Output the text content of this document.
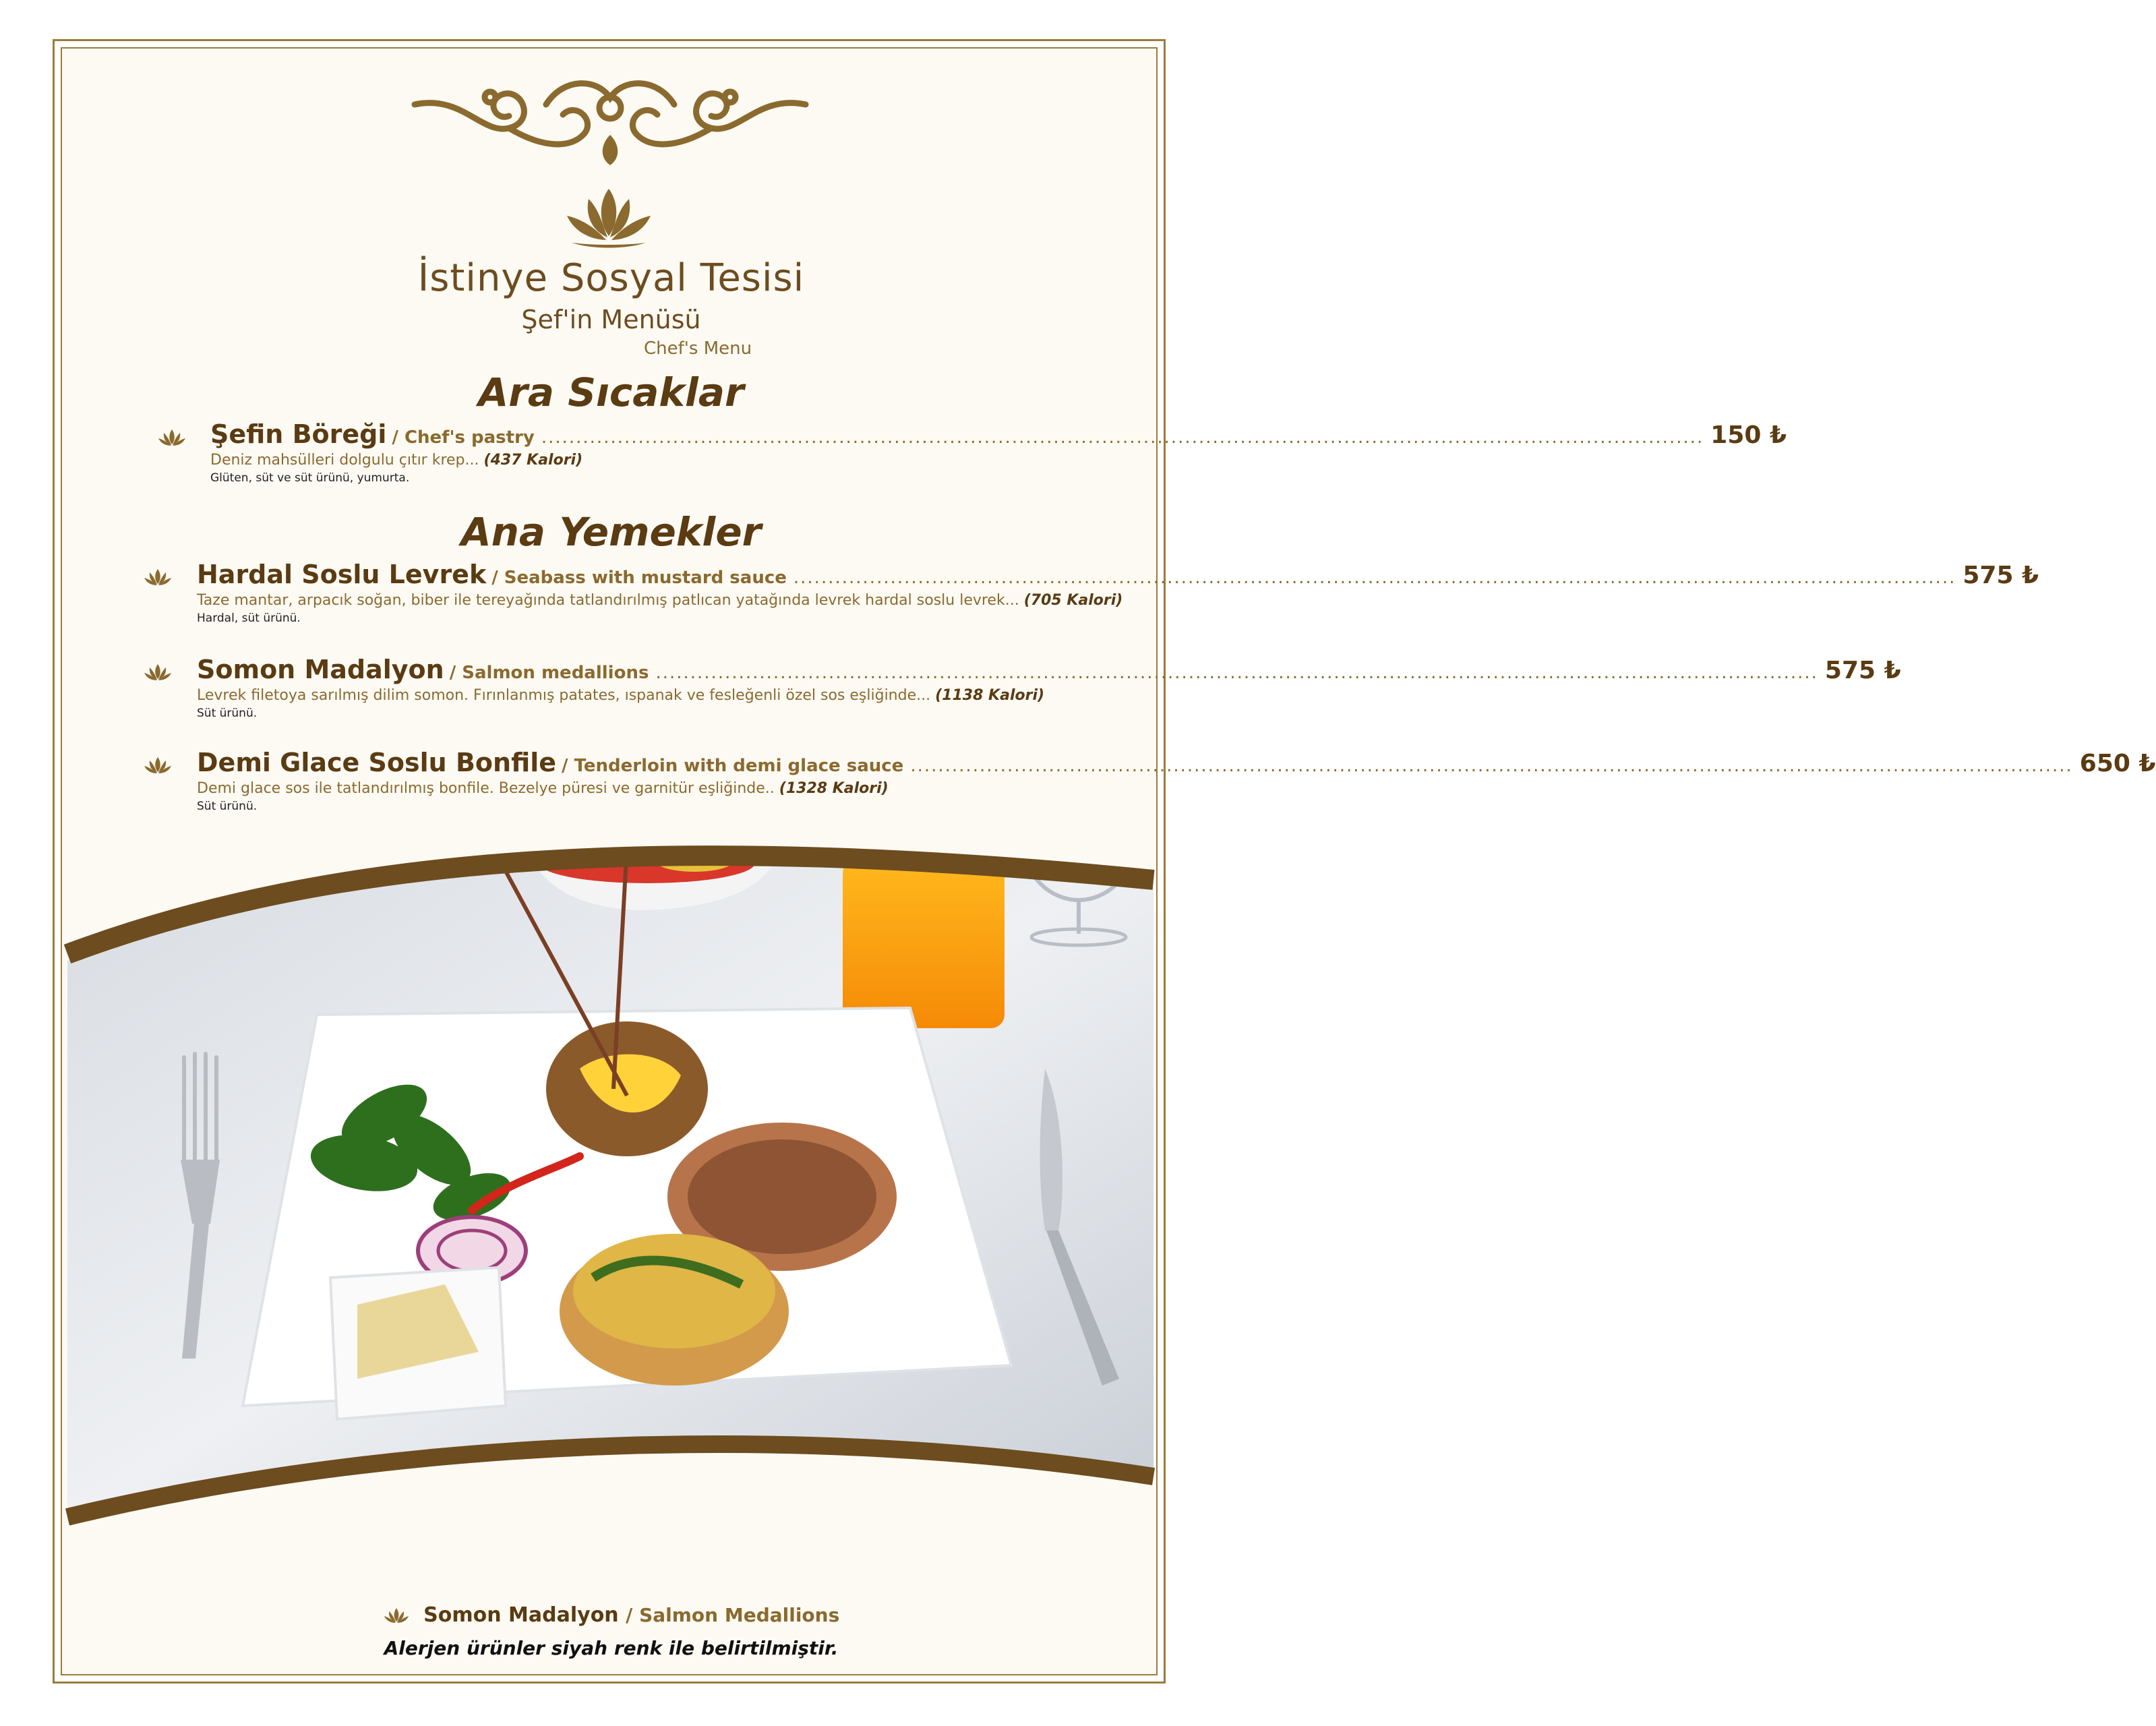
İstinye Sosyal Tesisi
Şef'in Menüsü
Chef's Menu
Ara Sıcaklar
Şefin Böreği / Chef's pastry ........................................................................................................................................................................ 150 ₺
Deniz mahsülleri dolgulu çıtır krep... (437 Kalori)
Glüten, süt ve süt ürünü, yumurta.
Ana Yemekler
Hardal Soslu Levrek / Seabass with mustard sauce ........................................................................................................................................................................ 575 ₺
Taze mantar, arpacık soğan, biber ile tereyağında tatlandırılmış patlıcan yatağında levrek hardal soslu levrek... (705 Kalori)
Hardal, süt ürünü.
Somon Madalyon / Salmon medallions ........................................................................................................................................................................ 575 ₺
Levrek filetoya sarılmış dilim somon. Fırınlanmış patates, ıspanak ve fesleğenli özel sos eşliğinde... (1138 Kalori)
Süt ürünü.
Demi Glace Soslu Bonfile / Tenderloin with demi glace sauce ........................................................................................................................................................................ 650 ₺
Demi glace sos ile tatlandırılmış bonfile. Bezelye püresi ve garnitür eşliğinde.. (1328 Kalori)
Süt ürünü.
Somon Madalyon / Salmon Medallions
Alerjen ürünler siyah renk ile belirtilmiştir.
